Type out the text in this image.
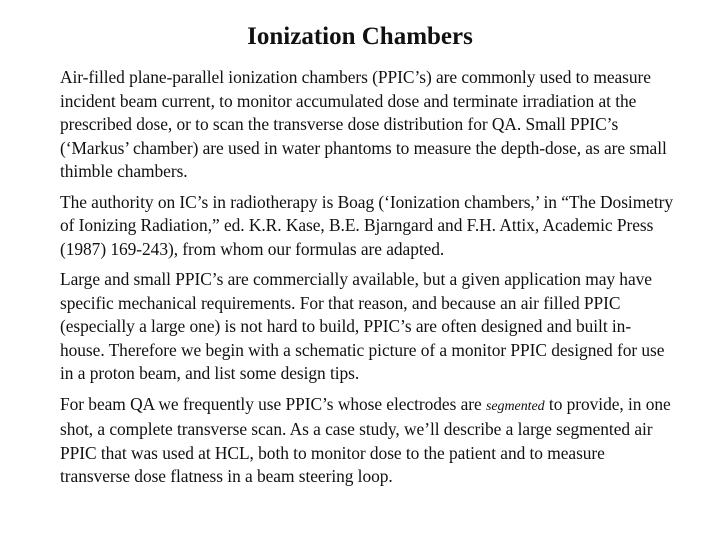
Ionization Chambers

Air-filled plane-parallel ionization chambers (PPIC’s) are commonly used to measure incident beam current, to monitor accumulated dose and terminate irradiation at the prescribed dose, or to scan the transverse dose distribution for QA. Small PPIC’s (‘Markus’ chamber) are used in water phantoms to measure the depth-dose, as are small thimble chambers.

The authority on IC’s in radiotherapy is Boag (‘Ionization chambers,’ in “The Dosimetry of Ionizing Radiation,” ed. K.R. Kase, B.E. Bjarngard and F.H. Attix, Academic Press (1987) 169-243), from whom our formulas are adapted.

Large and small PPIC’s are commercially available, but a given application may have specific mechanical requirements. For that reason, and because an air filled PPIC (especially a large one) is not hard to build, PPIC’s are often designed and built in-house. Therefore we begin with a schematic picture of a monitor PPIC designed for use in a proton beam, and list some design tips.

For beam QA we frequently use PPIC’s whose electrodes are segmented to provide, in one shot, a complete transverse scan. As a case study, we’ll describe a large segmented air PPIC that was used at HCL, both to monitor dose to the patient and to measure transverse dose flatness in a beam steering loop.
